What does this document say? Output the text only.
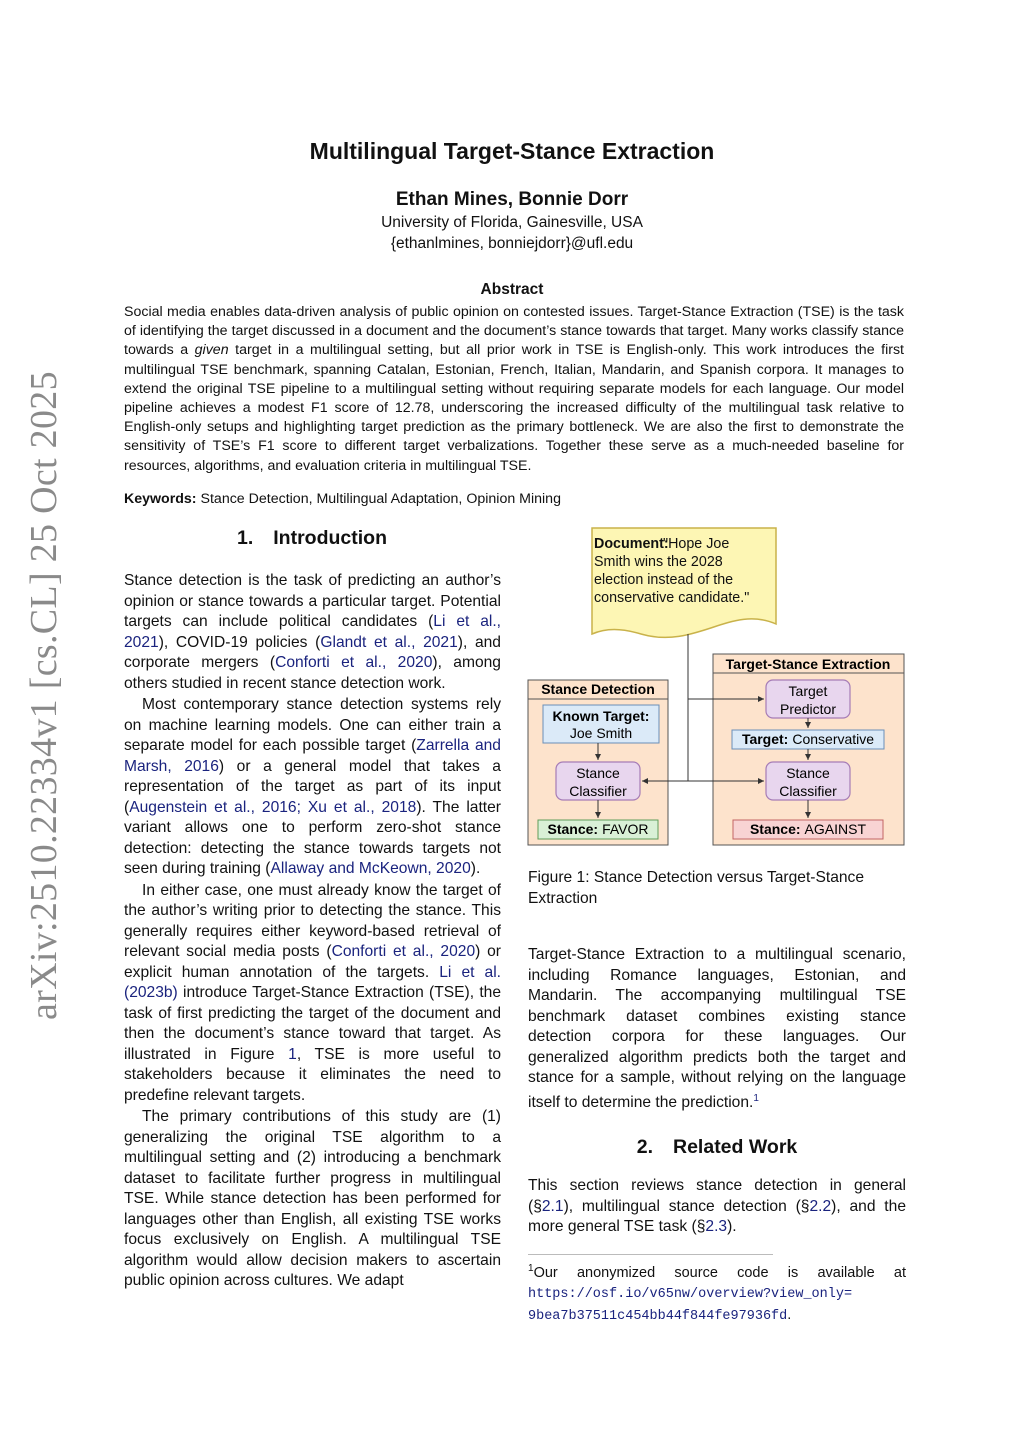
arXiv:2510.22334v1 [cs.CL] 25 Oct 2025
Multilingual Target-Stance Extraction
Ethan Mines, Bonnie Dorr
University of Florida, Gainesville, USA
{ethanlmines, bonniejdorr}@ufl.edu
Abstract
Social media enables data-driven analysis of public opinion on contested issues. Target-Stance Extraction (TSE) is the task of identifying the target discussed in a document and the document’s stance towards that target. Many works classify stance towards a given target in a multilingual setting, but all prior work in TSE is English-only. This work introduces the first multilingual TSE benchmark, spanning Catalan, Estonian, French, Italian, Mandarin, and Spanish corpora. It manages to extend the original TSE pipeline to a multilingual setting without requiring separate models for each language. Our model pipeline achieves a modest F1 score of 12.78, underscoring the increased difficulty of the multilingual task relative to English-only setups and highlighting target prediction as the primary bottleneck. We are also the first to demonstrate the sensitivity of TSE’s F1 score to different target verbalizations. Together these serve as a much-needed baseline for resources, algorithms, and evaluation criteria in multilingual TSE.
Keywords: Stance Detection, Multilingual Adaptation, Opinion Mining
1. Introduction

Stance detection is the task of predicting an author’s opinion or stance towards a particular target. Potential targets can include political candidates (Li et al., 2021), COVID-19 policies (Glandt et al., 2021), and corporate mergers (Conforti et al., 2020), among others studied in recent stance detection work.

Most contemporary stance detection systems rely on machine learning models. One can either train a separate model for each possible target (Zarrella and Marsh, 2016) or a general model that takes a representation of the target as part of its input (Augenstein et al., 2016; Xu et al., 2018). The latter variant allows one to perform zero-shot stance detection: detecting the stance towards targets not seen during training (Allaway and McKeown, 2020).

In either case, one must already know the target of the author’s writing prior to detecting the stance. This generally requires either keyword-based retrieval of relevant social media posts (Conforti et al., 2020) or explicit human annotation of the targets. Li et al. (2023b) introduce Target-Stance Extraction (TSE), the task of first predicting the target of the document and then the document’s stance toward that target. As illustrated in Figure 1, TSE is more useful to stakeholders because it eliminates the need to predefine relevant targets.

The primary contributions of this study are (1) generalizing the original TSE algorithm to a multilingual setting and (2) introducing a benchmark dataset to facilitate further progress in multilingual TSE. While stance detection has been performed for languages other than English, all existing TSE works focus exclusively on English. A multilingual TSE algorithm would allow decision makers to ascertain public opinion across cultures. We adapt

Document:
"Hope Joe
Smith wins the 2028
election instead of the
conservative candidate."
Stance Detection
Known Target:
Joe Smith
Stance
Classifier
Stance: FAVOR
Target-Stance Extraction
Target
Predictor
Target: Conservative
Stance
Classifier
Stance: AGAINST
Figure 1: Stance Detection versus Target-Stance Extraction
Target-Stance Extraction to a multilingual scenario, including Romance languages, Estonian, and Mandarin. The accompanying multilingual TSE benchmark dataset combines existing stance detection corpora for these languages. Our generalized algorithm predicts both the target and stance for a sample, without relying on the language itself to determine the prediction.$^1$
2. Related Work
This section reviews stance detection in general (§2.1), multilingual stance detection (§2.2), and the more general TSE task (§2.3).
$^1$Our anonymized source code is available at https://osf.io/v65nw/overview?view_only= 9bea7b37511c454bb44f844fe97936fd.
